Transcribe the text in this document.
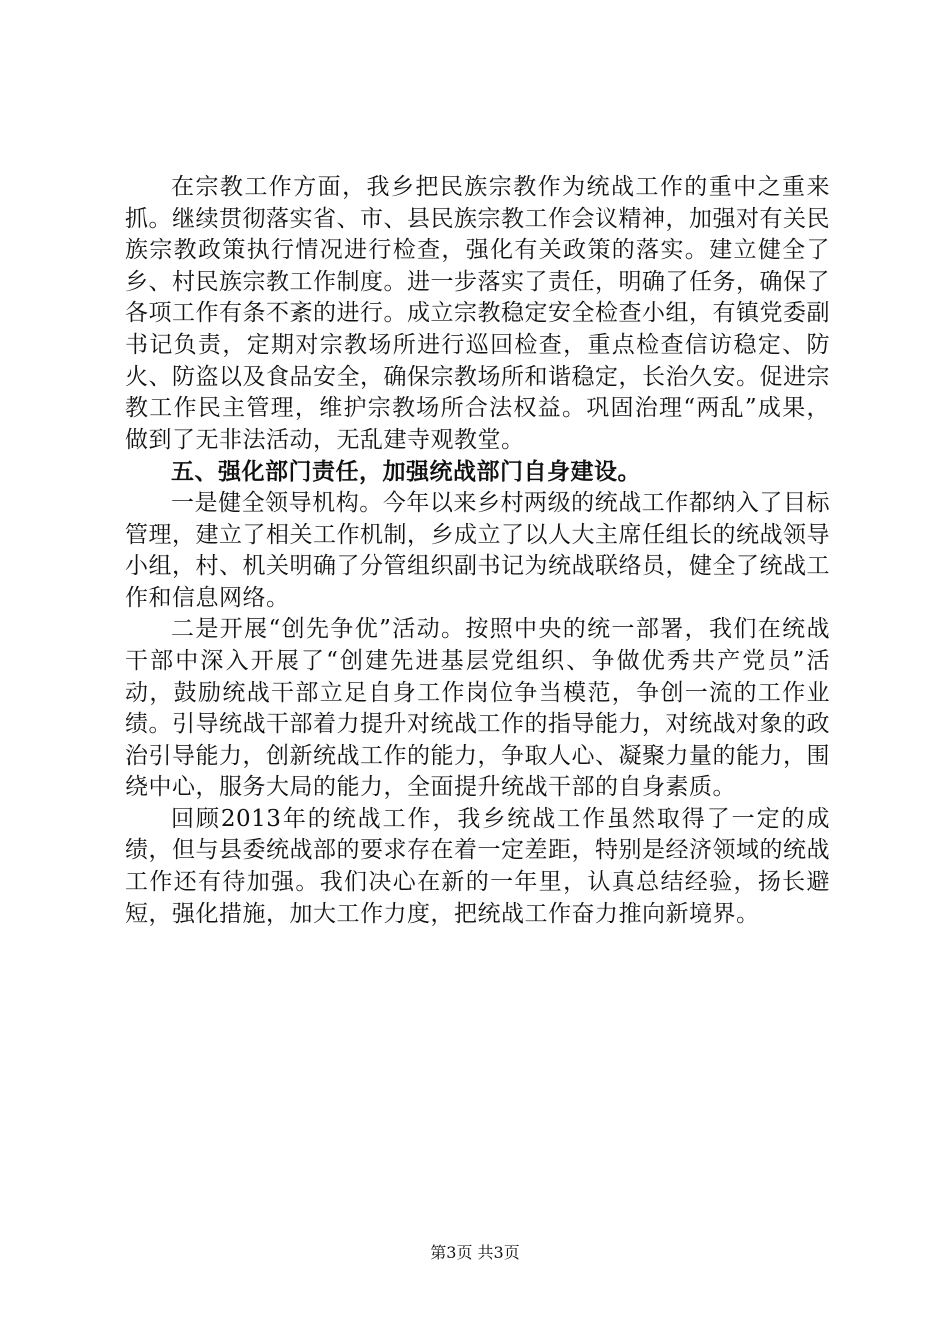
在宗教工作方面，我乡把民族宗教作为统战工作的重中之重来抓。继续贯彻落实省、市、县民族宗教工作会议精神，加强对有关民族宗教政策执行情况进行检查，强化有关政策的落实。建立健全了乡、村民族宗教工作制度。进一步落实了责任，明确了任务，确保了各项工作有条不紊的进行。成立宗教稳定安全检查小组，有镇党委副书记负责，定期对宗教场所进行巡回检查，重点检查信访稳定、防火、防盗以及食品安全，确保宗教场所和谐稳定，长治久安。促进宗教工作民主管理，维护宗教场所合法权益。巩固治理“两乱”成果，做到了无非法活动，无乱建寺观教堂。

五、强化部门责任，加强统战部门自身建设。

一是健全领导机构。今年以来乡村两级的统战工作都纳入了目标管理，建立了相关工作机制，乡成立了以人大主席任组长的统战领导小组，村、机关明确了分管组织副书记为统战联络员，健全了统战工作和信息网络。

二是开展“创先争优”活动。按照中央的统一部署，我们在统战干部中深入开展了“创建先进基层党组织、争做优秀共产党员”活动，鼓励统战干部立足自身工作岗位争当模范，争创一流的工作业绩。引导统战干部着力提升对统战工作的指导能力，对统战对象的政治引导能力，创新统战工作的能力，争取人心、凝聚力量的能力，围绕中心，服务大局的能力，全面提升统战干部的自身素质。

回顾2013年的统战工作，我乡统战工作虽然取得了一定的成绩，但与县委统战部的要求存在着一定差距，特别是经济领域的统战工作还有待加强。我们决心在新的一年里，认真总结经验，扬长避短，强化措施，加大工作力度，把统战工作奋力推向新境界。

第3页 共3页
